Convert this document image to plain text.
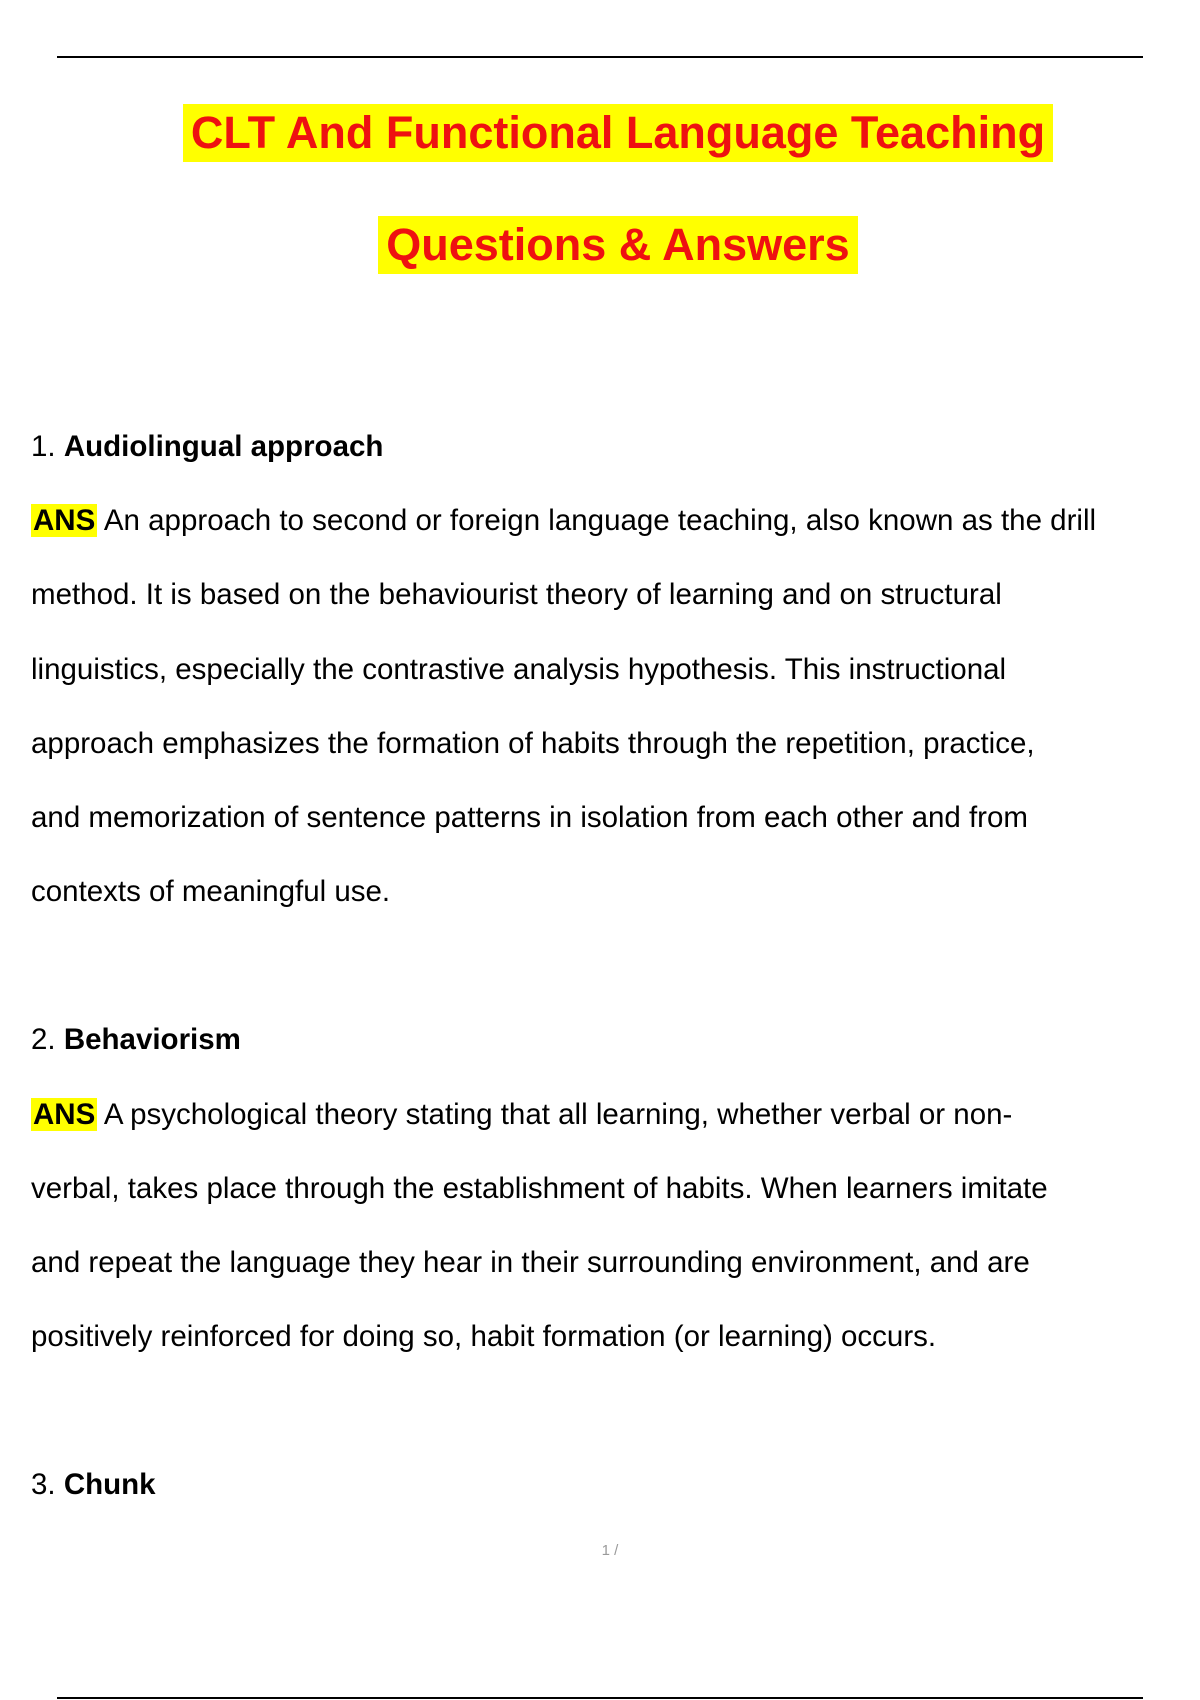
CLT And Functional Language Teaching
Questions & Answers

1. Audiolingual approach

ANS An approach to second or foreign language teaching, also known as the drill
method. It is based on the behaviourist theory of learning and on structural
linguistics, especially the contrastive analysis hypothesis. This instructional
approach emphasizes the formation of habits through the repetition, practice,
and memorization of sentence patterns in isolation from each other and from
contexts of meaningful use.

2. Behaviorism

ANS A psychological theory stating that all learning, whether verbal or non-
verbal, takes place through the establishment of habits. When learners imitate
and repeat the language they hear in their surrounding environment, and are
positively reinforced for doing so, habit formation (or learning) occurs.

3. Chunk

1 /
